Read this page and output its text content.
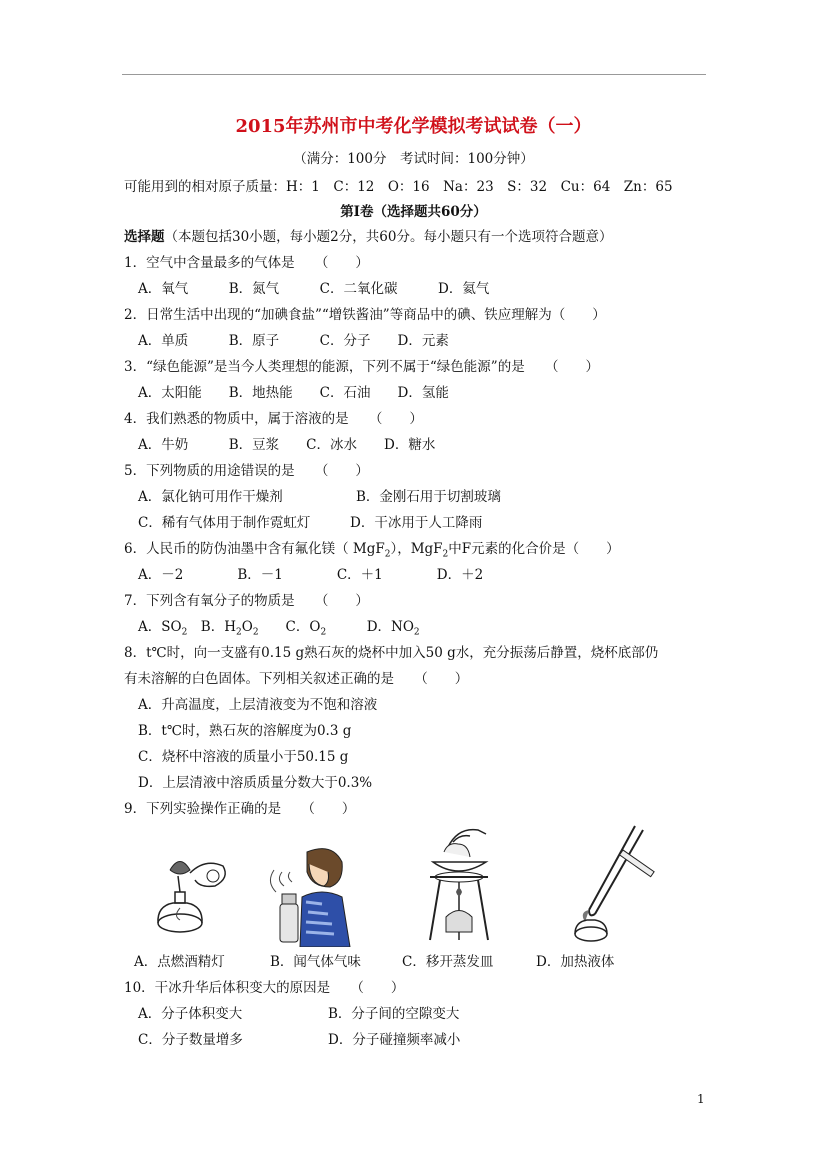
2015年苏州市中考化学模拟考试试卷（一）
（满分：100分　考试时间：100分钟）
可能用到的相对原子质量：H：1　C：12　O：16　Na：23　S：32　Cu：64　Zn：65
第Ⅰ卷（选择题共60分）
选择题（本题包括30小题，每小题2分，共60分。每小题只有一个选项符合题意）
1．空气中含量最多的气体是　　（　　）
A．氧气　　　B．氮气　　　C．二氧化碳　　　D．氦气
2．日常生活中出现的“加碘食盐”“增铁酱油”等商品中的碘、铁应理解为（　　）
A．单质　　　B．原子　　　C．分子　　D．元素
3．“绿色能源”是当今人类理想的能源，下列不属于“绿色能源”的是　　（　　）
A．太阳能　　B．地热能　　C．石油　　D．氢能
4．我们熟悉的物质中，属于溶液的是　　（　　）
A．牛奶　　　B．豆浆　　C．冰水　　D．糖水
5．下列物质的用途错误的是　　（　　）
A．氯化钠可用作干燥剂	B．金刚石用于切割玻璃
C．稀有气体用于制作霓虹灯	D．干冰用于人工降雨
6．人民币的防伪油墨中含有氟化镁（ MgF$_2$），MgF$_2$中F元素的化合价是（　　）
A．－2　　　　B．－1　　　　C．＋1　　　　D．＋2
7．下列含有氧分子的物质是　　（　　）
A．$SO_2$　B．$H_2O_2$　　C．$O_2$　　　D．$NO_2$
8．t℃时，向一支盛有0.15 g熟石灰的烧杯中加入50 g水，充分振荡后静置，烧杯底部仍
有未溶解的白色固体。下列相关叙述正确的是　　（　　）
A．升高温度，上层清液变为不饱和溶液
B．t℃时，熟石灰的溶解度为0.3 g
C．烧杯中溶液的质量小于50.15 g
D．上层清液中溶质质量分数大于0.3%
9．下列实验操作正确的是　　（　　）
A．点燃酒精灯	B．闻气体气味	C．移开蒸发皿	D．加热液体
10．干冰升华后体积变大的原因是　　（　　）
A．分子体积变大	B．分子间的空隙变大
C．分子数量增多	D．分子碰撞频率减小
1
